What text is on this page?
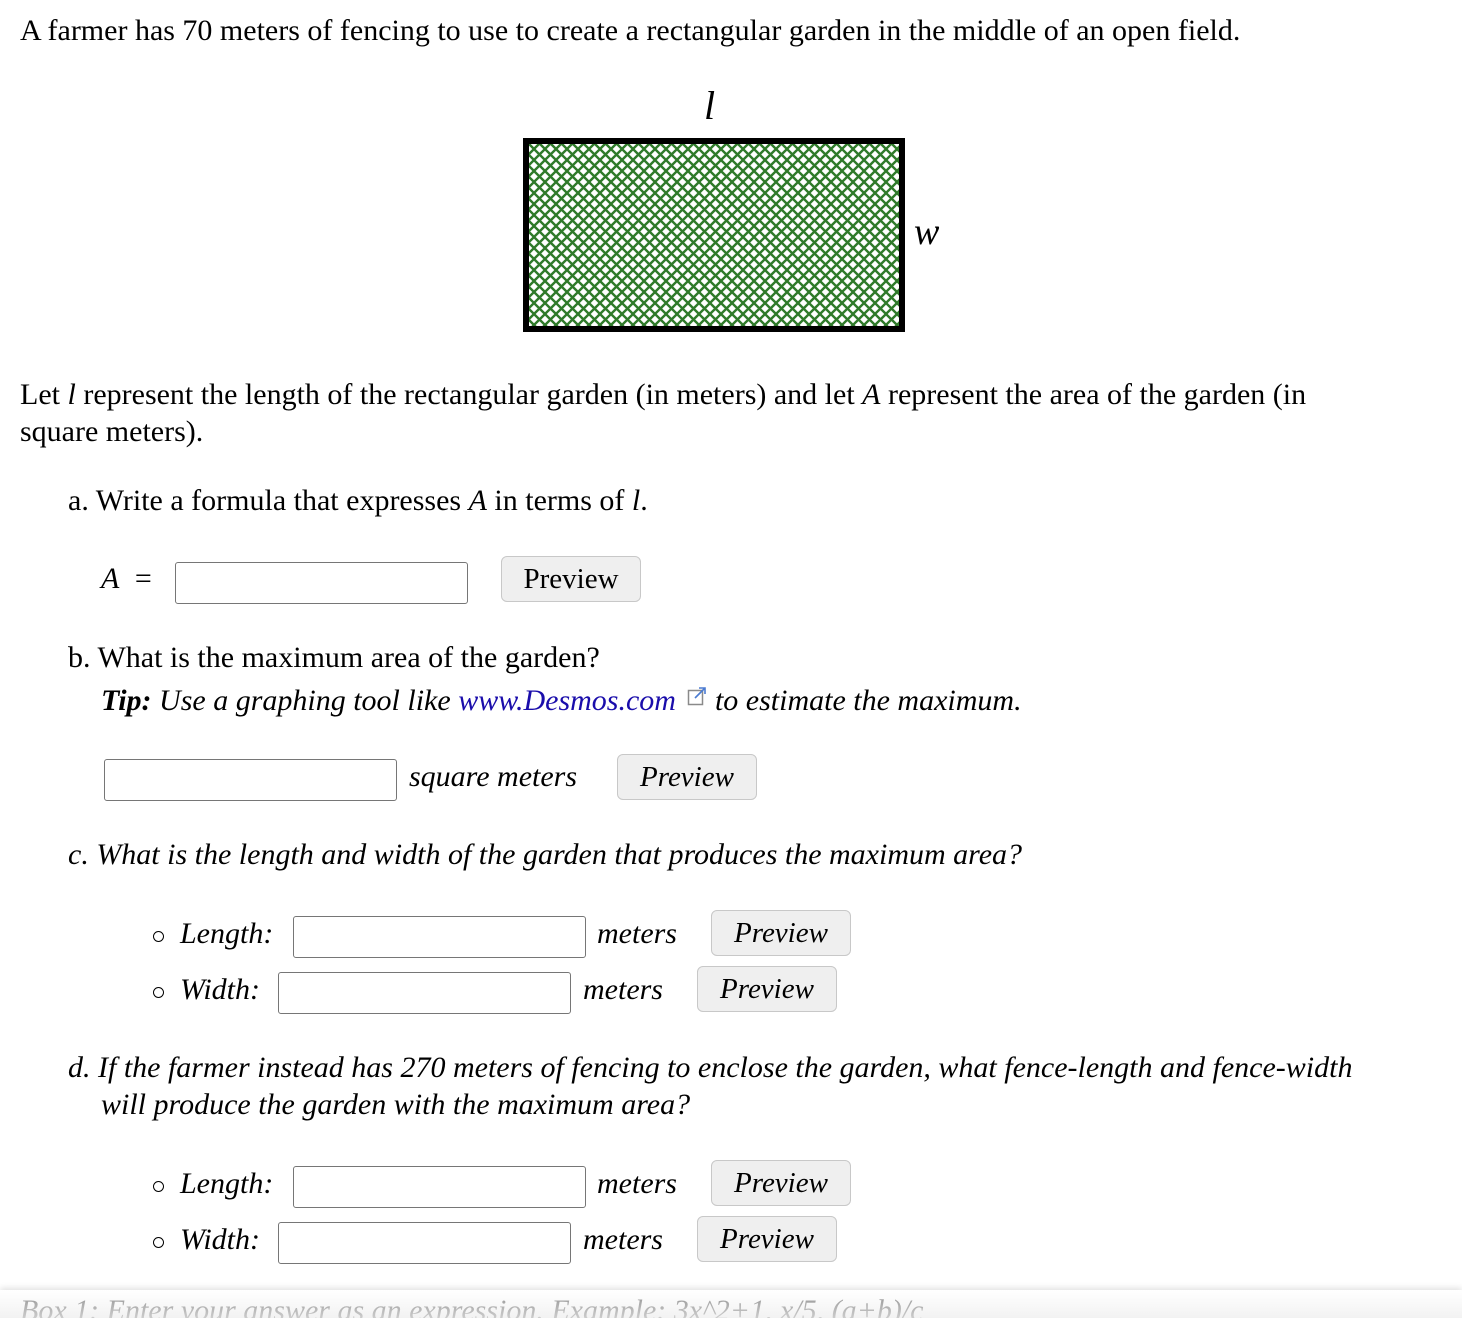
A farmer has 70 meters of fencing to use to create a rectangular garden in the middle of an open field.
l
w
Let l represent the length of the rectangular garden (in meters) and let A represent the area of the garden (in
square meters).
a. Write a formula that expresses A in terms of l.
A =	Preview
b. What is the maximum area of the garden?
Tip: Use a graphing tool like www.Desmos.com  to estimate the maximum.
square meters	Preview
c. What is the length and width of the garden that produces the maximum area?
Length:	meters	Preview
Width:	meters	Preview
d. If the farmer instead has 270 meters of fencing to enclose the garden, what fence-length and fence-width
will produce the garden with the maximum area?
Length:	meters	Preview
Width:	meters	Preview
